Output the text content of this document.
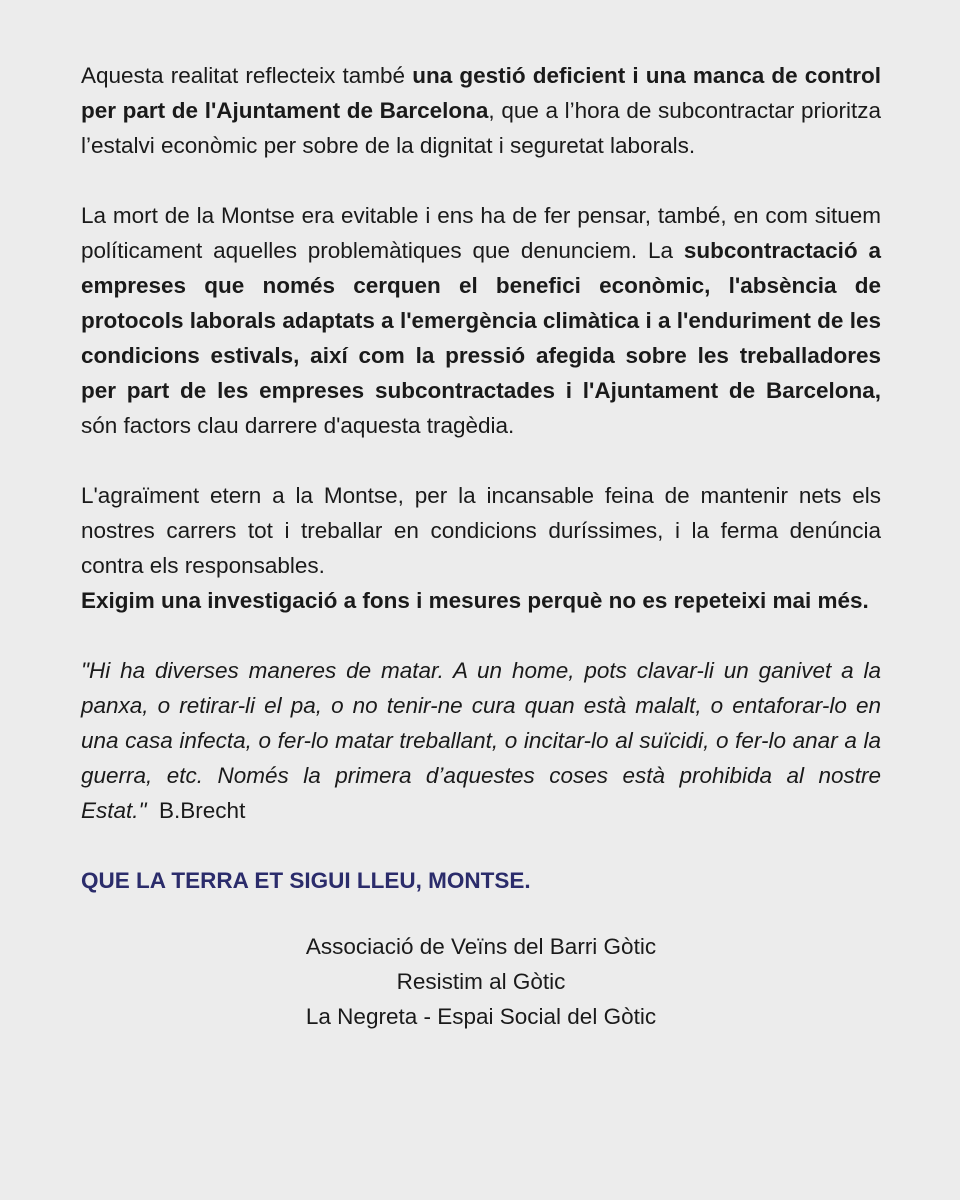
Aquesta realitat reflecteix també una gestió deficient i una manca de control per part de l'Ajuntament de Barcelona, que a l’hora de subcontractar prioritza l’estalvi econòmic per sobre de la dignitat i seguretat laborals.

La mort de la Montse era evitable i ens ha de fer pensar, també, en com situem políticament aquelles problemàtiques que denunciem. La subcontractació a empreses que només cerquen el benefici econòmic, l'absència de protocols laborals adaptats a l'emergència climàtica i a l'enduriment de les condicions estivals, així com la pressió afegida sobre les treballadores per part de les empreses subcontractades i l'Ajuntament de Barcelona, són factors clau darrere d'aquesta tragèdia.

L'agraïment etern a la Montse, per la incansable feina de mantenir nets els nostres carrers tot i treballar en condicions duríssimes, i la ferma denúncia contra els responsables.

Exigim una investigació a fons i mesures perquè no es repeteixi mai més.

"Hi ha diverses maneres de matar. A un home, pots clavar-li un ganivet a la panxa, o retirar-li el pa, o no tenir-ne cura quan està malalt, o entaforar-lo en una casa infecta, o fer-lo matar treballant, o incitar-lo al suïcidi, o fer-lo anar a la guerra, etc. Només la primera d’aquestes coses està prohibida al nostre Estat." B.Brecht

QUE LA TERRA ET SIGUI LLEU, MONTSE.
Associació de Veïns del Barri Gòtic
Resistim al Gòtic
La Negreta - Espai Social del Gòtic
